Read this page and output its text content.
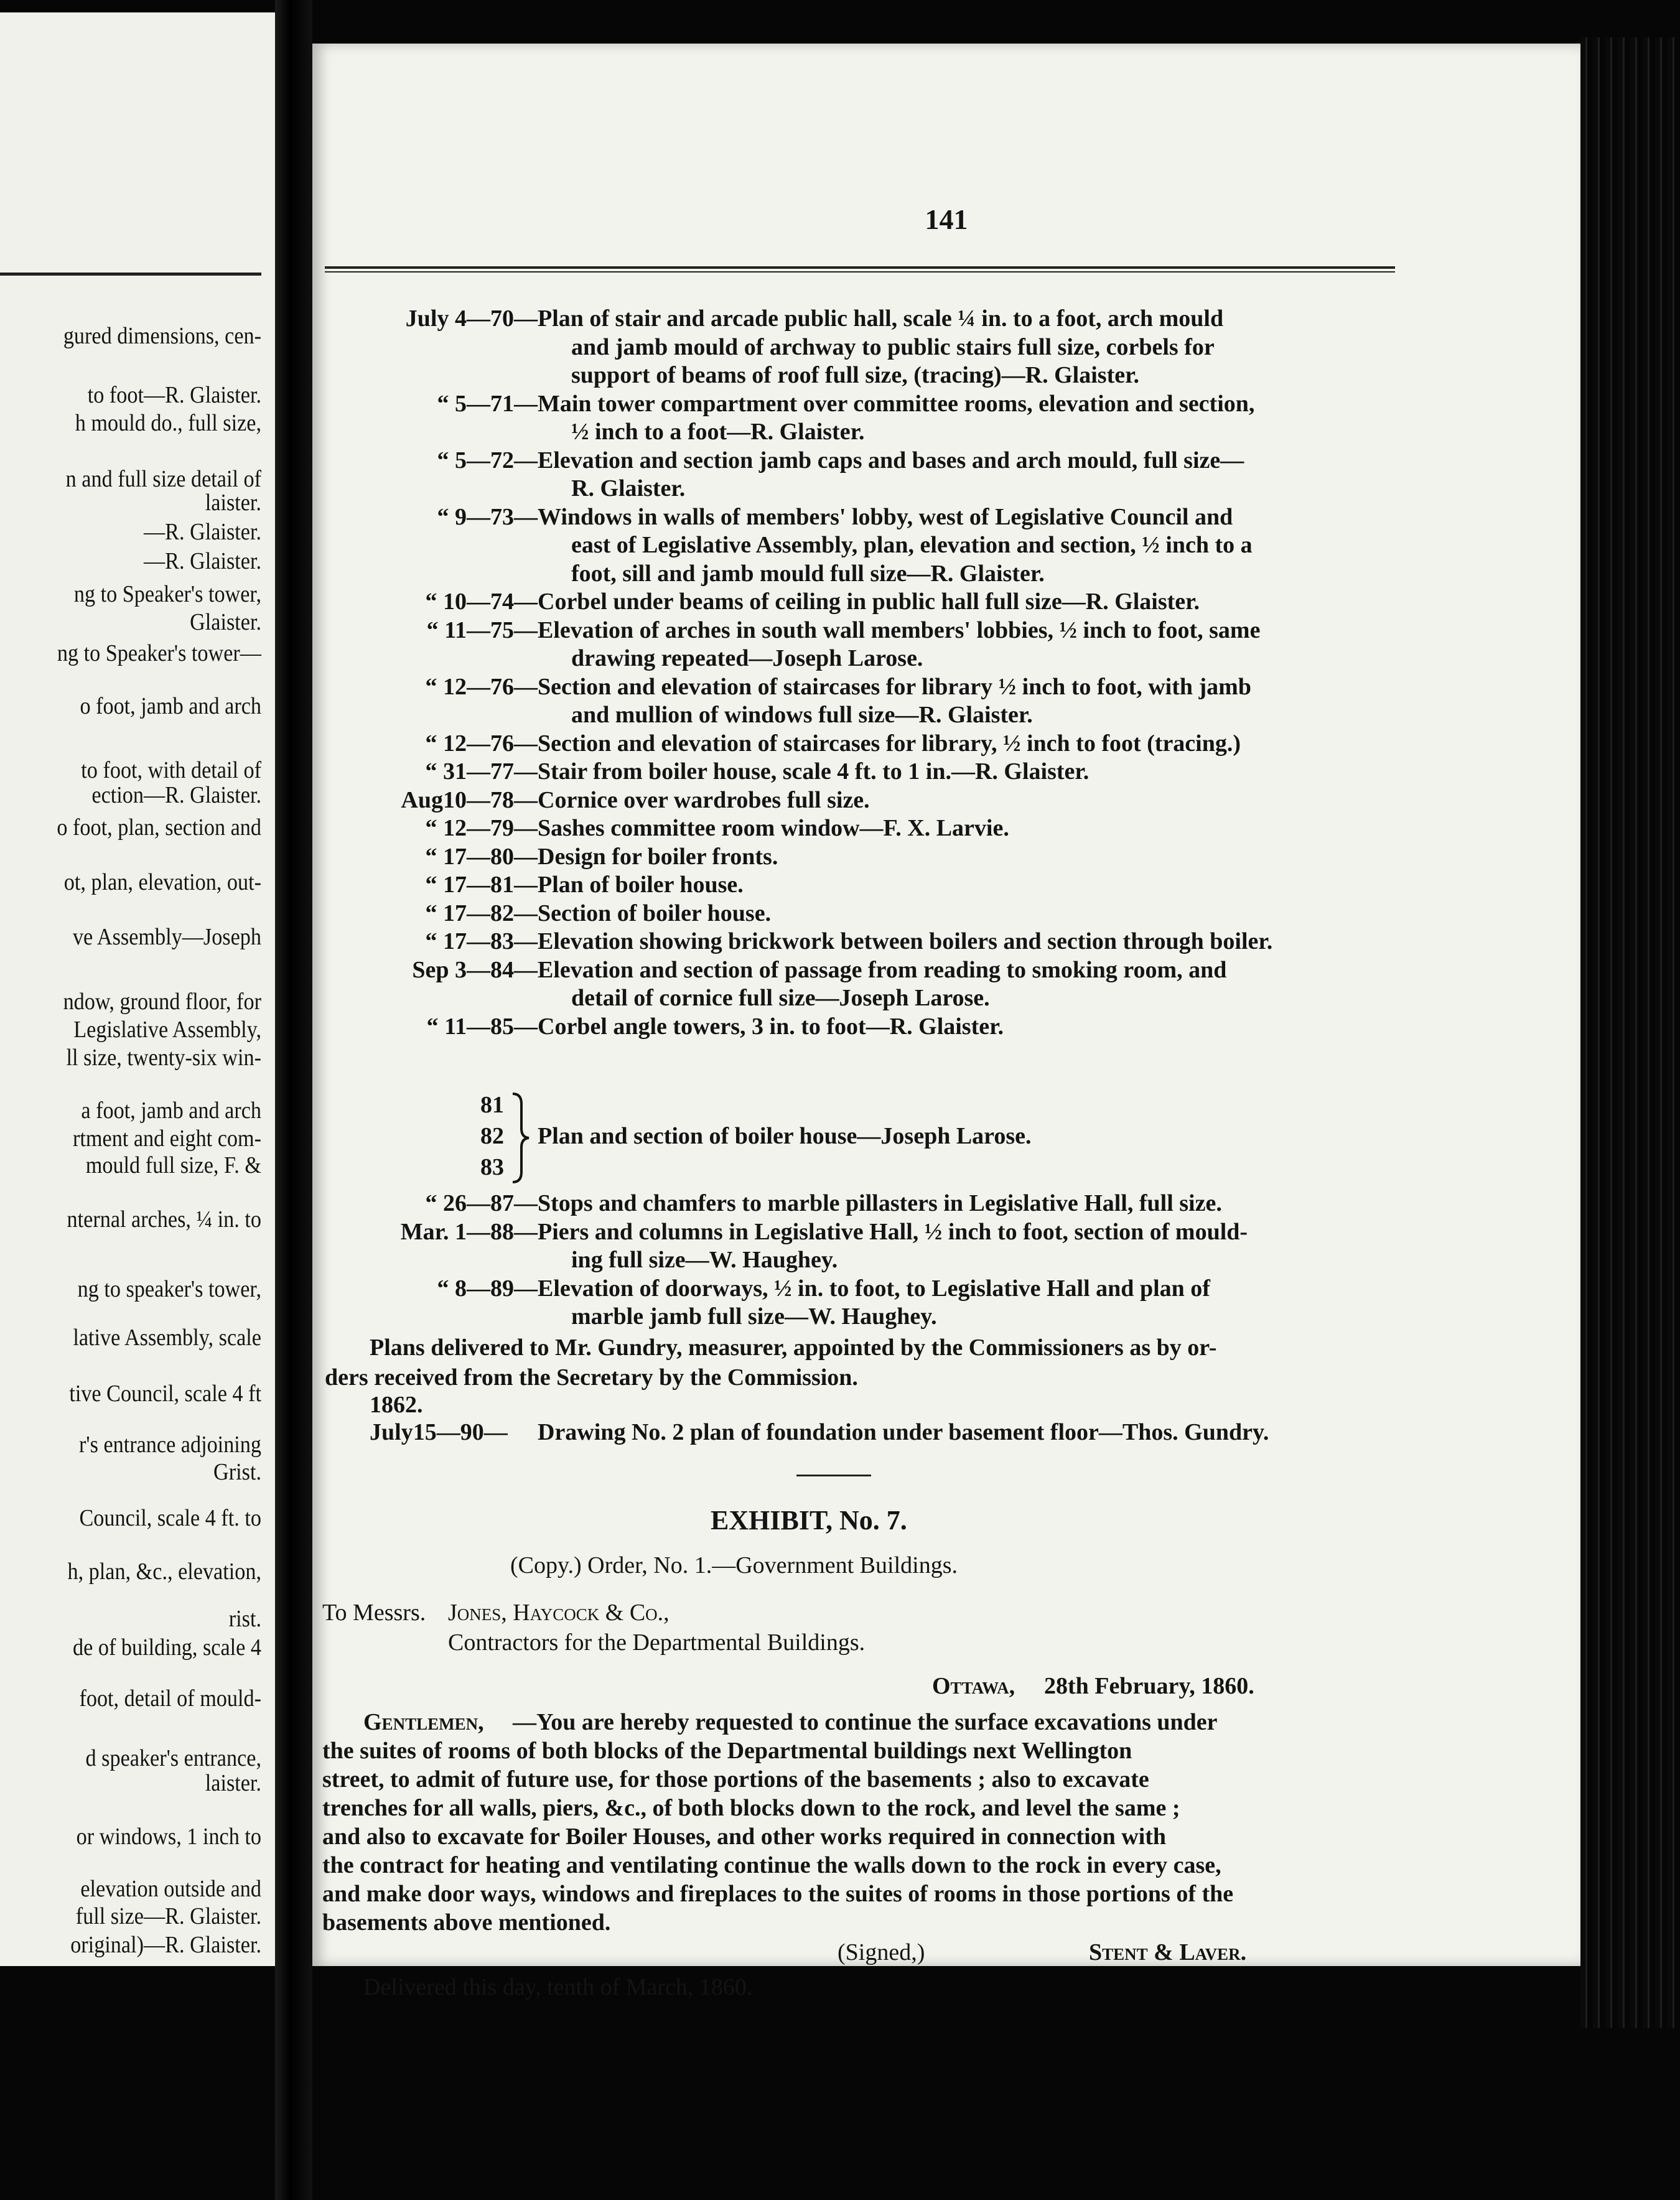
gured dimensions, cen-
to foot—R. Glaister.
h mould do., full size,
n and full size detail of
laister.
—R. Glaister.
—R. Glaister.
ng to Speaker's tower,
Glaister.
ng to Speaker's tower—
o foot, jamb and arch
to foot, with detail of
ection—R. Glaister.
o foot, plan, section and
ot, plan, elevation, out-
ve Assembly—Joseph
ndow, ground floor, for
Legislative Assembly,
ll size, twenty-six win-
a foot, jamb and arch
rtment and eight com-
mould full size, F. &
nternal arches, ¼ in. to
ng to speaker's tower,
lative Assembly, scale
tive Council, scale 4 ft
r's entrance adjoining
Grist.
Council, scale 4 ft. to
h, plan, &c., elevation,
rist.
de of building, scale 4
foot, detail of mould-
d speaker's entrance,
laister.
or windows, 1 inch to
elevation outside and
full size—R. Glaister.
original)—R. Glaister.
141
July 4—70— Plan of stair and arcade public hall, scale ¼ in. to a foot, arch mould
and jamb mould of archway to public stairs full size, corbels for
support of beams of roof full size, (tracing)—R. Glaister.
“ 5—71— Main tower compartment over committee rooms, elevation and section,
½ inch to a foot—R. Glaister.
“ 5—72— Elevation and section jamb caps and bases and arch mould, full size—
R. Glaister.
“ 9—73— Windows in walls of members' lobby, west of Legislative Council and
east of Legislative Assembly, plan, elevation and section, ½ inch to a
foot, sill and jamb mould full size—R. Glaister.
“ 10—74— Corbel under beams of ceiling in public hall full size—R. Glaister.
“ 11—75— Elevation of arches in south wall members' lobbies, ½ inch to foot, same
drawing repeated—Joseph Larose.
“ 12—76— Section and elevation of staircases for library ½ inch to foot, with jamb
and mullion of windows full size—R. Glaister.
“ 12—76— Section and elevation of staircases for library, ½ inch to foot (tracing.)
“ 31—77— Stair from boiler house, scale 4 ft. to 1 in.—R. Glaister.
Aug10—78— Cornice over wardrobes full size.
“ 12—79— Sashes committee room window—F. X. Larvie.
“ 17—80— Design for boiler fronts.
“ 17—81— Plan of boiler house.
“ 17—82— Section of boiler house.
“ 17—83— Elevation showing brickwork between boilers and section through boiler.
Sep 3—84— Elevation and section of passage from reading to smoking room, and
detail of cornice full size—Joseph Larose.
“ 11—85— Corbel angle towers, 3 in. to foot—R. Glaister.
81
82
83
Plan and section of boiler house—Joseph Larose.
“ 26—87— Stops and chamfers to marble pillasters in Legislative Hall, full size.
Mar. 1—88— Piers and columns in Legislative Hall, ½ inch to foot, section of mould-
ing full size—W. Haughey.
“ 8—89— Elevation of doorways, ½ in. to foot, to Legislative Hall and plan of
marble jamb full size—W. Haughey.
Plans delivered to Mr. Gundry, measurer, appointed by the Commissioners as by or-
ders received from the Secretary by the Commission.
1862.
July15—90— Drawing No. 2 plan of foundation under basement floor—Thos. Gundry.
EXHIBIT, No. 7.
(Copy.) Order, No. 1.—Government Buildings.
To Messrs. Jones, Haycock & Co.,
Contractors for the Departmental Buildings.
Ottawa, 28th February, 1860.
Gentlemen, —You are hereby requested to continue the surface excavations under
the suites of rooms of both blocks of the Departmental buildings next Wellington
street, to admit of future use, for those portions of the basements ; also to excavate
trenches for all walls, piers, &c., of both blocks down to the rock, and level the same ;
and also to excavate for Boiler Houses, and other works required in connection with
the contract for heating and ventilating continue the walls down to the rock in every case,
and make door ways, windows and fireplaces to the suites of rooms in those portions of the
basements above mentioned.
(Signed,)	Stent & Laver.
Delivered this day, tenth of March, 1860.
